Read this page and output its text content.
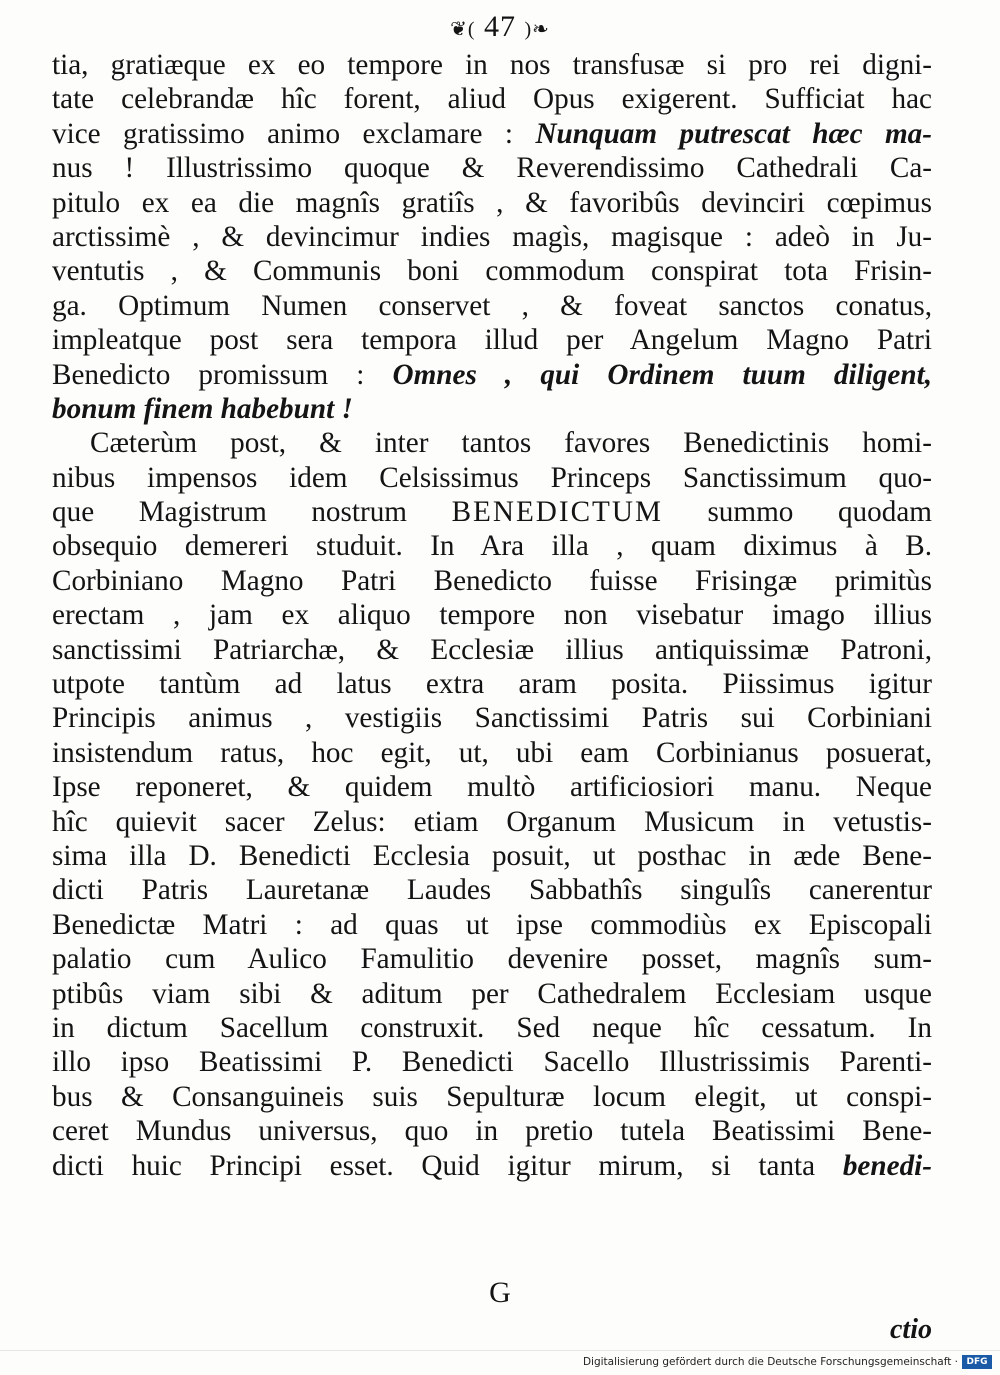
❦( 47 )❧
tia, gratiæque ex eo tempore in nos transfusæ si pro rei digni-
tate celebrandæ hîc forent, aliud Opus exigerent. Sufficiat hac
vice gratissimo animo exclamare : Nunquam putrescat hæc ma-
nus ! Illustrissimo quoque & Reverendissimo Cathedrali Ca-
pitulo ex ea die magnîs gratiîs , & favoribûs devinciri cœpimus
arctissimè , & devincimur indies magìs, magisque : adeò in Ju-
ventutis , & Communis boni commodum conspirat tota Frisin-
ga. Optimum Numen conservet , & foveat sanctos conatus,
impleatque post sera tempora illud per Angelum Magno Patri
Benedicto promissum : Omnes , qui Ordinem tuum diligent,
bonum finem habebunt !
Cæterùm post, & inter tantos favores Benedictinis homi-
nibus impensos idem Celsissimus Princeps Sanctissimum quo-
que Magistrum nostrum BENEDICTUM summo quodam
obsequio demereri studuit. In Ara illa , quam diximus à B.
Corbiniano Magno Patri Benedicto fuisse Frisingæ primitùs
erectam , jam ex aliquo tempore non visebatur imago illius
sanctissimi Patriarchæ, & Ecclesiæ illius antiquissimæ Patroni,
utpote tantùm ad latus extra aram posita. Piissimus igitur
Principis animus , vestigiis Sanctissimi Patris sui Corbiniani
insistendum ratus, hoc egit, ut, ubi eam Corbinianus posuerat,
Ipse reponeret, & quidem multò artificiosiori manu. Neque
hîc quievit sacer Zelus: etiam Organum Musicum in vetustis-
sima illa D. Benedicti Ecclesia posuit, ut posthac in æde Bene-
dicti Patris Lauretanæ Laudes Sabbathîs singulîs canerentur
Benedictæ Matri : ad quas ut ipse commodiùs ex Episcopali
palatio cum Aulico Famulitio devenire posset, magnîs sum-
ptibûs viam sibi & aditum per Cathedralem Ecclesiam usque
in dictum Sacellum construxit. Sed neque hîc cessatum. In
illo ipso Beatissimi P. Benedicti Sacello Illustrissimis Parenti-
bus & Consanguineis suis Sepulturæ locum elegit, ut conspi-
ceret Mundus universus, quo in pretio tutela Beatissimi Bene-
dicti huic Principi esset. Quid igitur mirum, si tanta benedi-
G
ctio
Digitalisierung gefördert durch die Deutsche Forschungsgemeinschaft · DFG
